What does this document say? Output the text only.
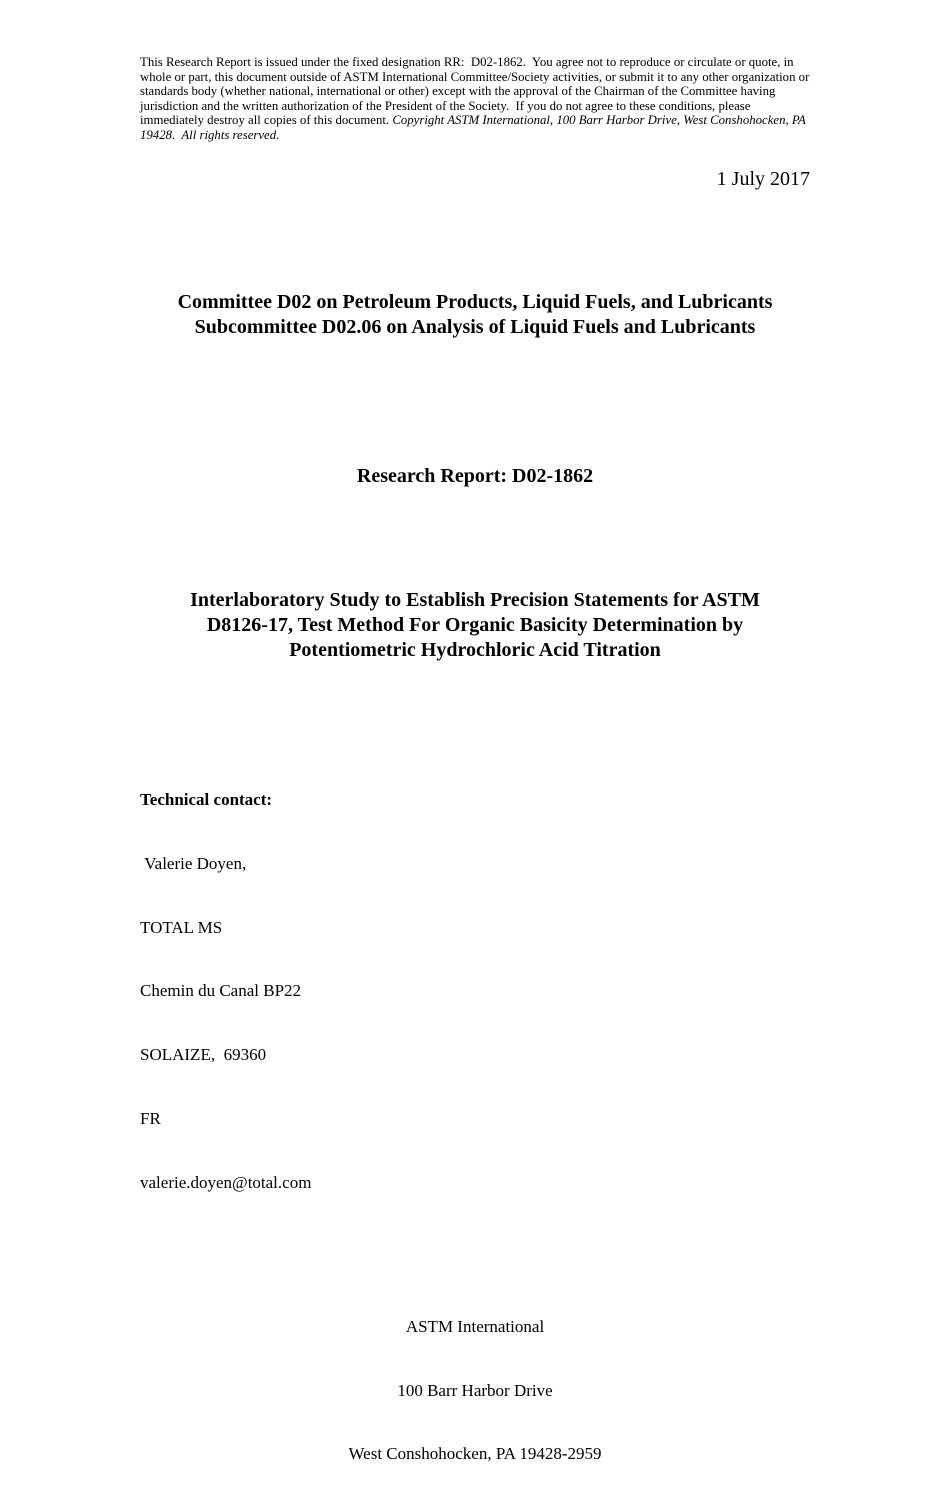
This Research Report is issued under the fixed designation RR:  D02-1862.  You agree not to reproduce or circulate or quote, in whole or part, this document outside of ASTM International Committee/Society activities, or submit it to any other organization or standards body (whether national, international or other) except with the approval of the Chairman of the Committee having jurisdiction and the written authorization of the President of the Society.  If you do not agree to these conditions, please immediately destroy all copies of this document. Copyright ASTM International, 100 Barr Harbor Drive, West Conshohocken, PA  19428.  All rights reserved.
1 July 2017
Committee D02 on Petroleum Products, Liquid Fuels, and Lubricants
Subcommittee D02.06 on Analysis of Liquid Fuels and Lubricants
Research Report: D02-1862
Interlaboratory Study to Establish Precision Statements for ASTM
D8126-17, Test Method For Organic Basicity Determination by
Potentiometric Hydrochloric Acid Titration

Technical contact:

Valerie Doyen,

TOTAL MS

Chemin du Canal BP22

SOLAIZE,  69360

FR

valerie.doyen@total.com

ASTM International

100 Barr Harbor Drive

West Conshohocken, PA 19428-2959
